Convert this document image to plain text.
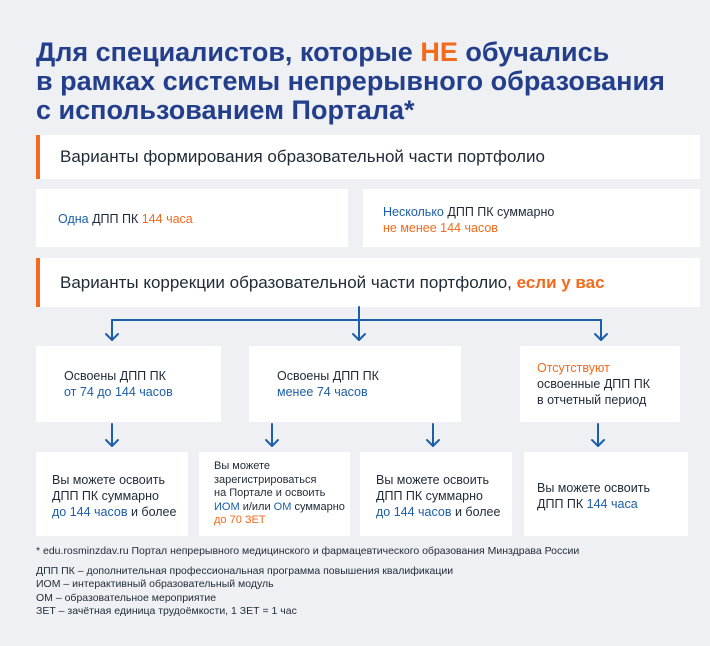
Для специалистов, которые НЕ обучались
в рамках системы непрерывного образования
с использованием Портала*
Варианты формирования образовательной части портфолио
Одна ДПП ПК 144 часа	Несколько ДПП ПК суммарно
не менее 144 часов
Варианты коррекции образовательной части портфолио, если у вас
Освоены ДПП ПК
от 74 до 144 часов
Освоены ДПП ПК
менее 74 часов
Отсутствуют
освоенные ДПП ПК
в отчетный период
Вы можете освоить
ДПП ПК суммарно
до 144 часов и более
Вы можете
зарегистрироваться
на Портале и освоить
ИОМ и/или ОМ суммарно
до 70 ЗЕТ
Вы можете освоить
ДПП ПК суммарно
до 144 часов и более
Вы можете освоить
ДПП ПК 144 часа
* edu.rosminzdav.ru Портал непрерывного медицинского и фармацевтического образования Минздрава России
ДПП ПК – дополнительная профессиональная программа повышения квалификации
ИОМ – интерактивный образовательный модуль
ОМ – образовательное мероприятие
ЗЕТ – зачётная единица трудоёмкости, 1 ЗЕТ = 1 час
